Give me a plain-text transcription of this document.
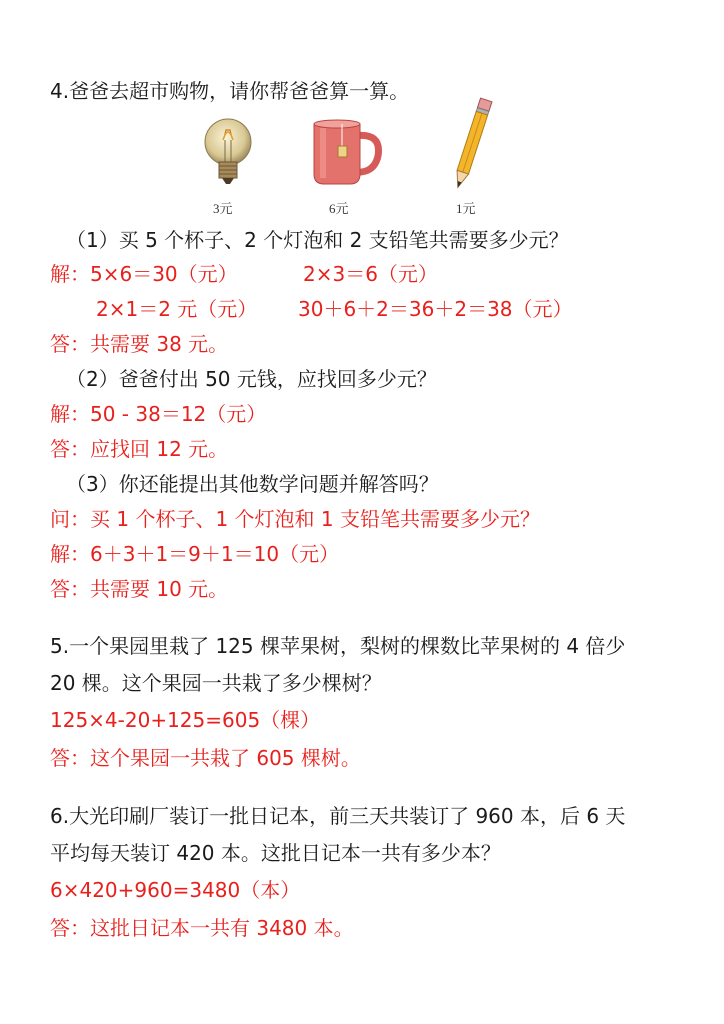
4.爸爸去超市购物，请你帮爸爸算一算。
3元	6元	1元
（1）买 5 个杯子、2 个灯泡和 2 支铅笔共需要多少元？
解：5×6＝30（元）	2×3＝6（元）
2×1＝2 元（元） 30＋6＋2＝36＋2＝38（元）
答：共需要 38 元。
（2）爸爸付出 50 元钱，应找回多少元？
解：50 - 38＝12（元）
答：应找回 12 元。
（3）你还能提出其他数学问题并解答吗？
问：买 1 个杯子、1 个灯泡和 1 支铅笔共需要多少元？
解：6＋3＋1＝9＋1＝10（元）
答：共需要 10 元。
5.一个果园里栽了 125 棵苹果树，梨树的棵数比苹果树的 4 倍少
20 棵。这个果园一共栽了多少棵树？
125×4-20+125=605（棵）
答：这个果园一共栽了 605 棵树。
6.大光印刷厂装订一批日记本，前三天共装订了 960 本，后 6 天
平均每天装订 420 本。这批日记本一共有多少本？
6×420+960=3480（本）
答：这批日记本一共有 3480 本。
